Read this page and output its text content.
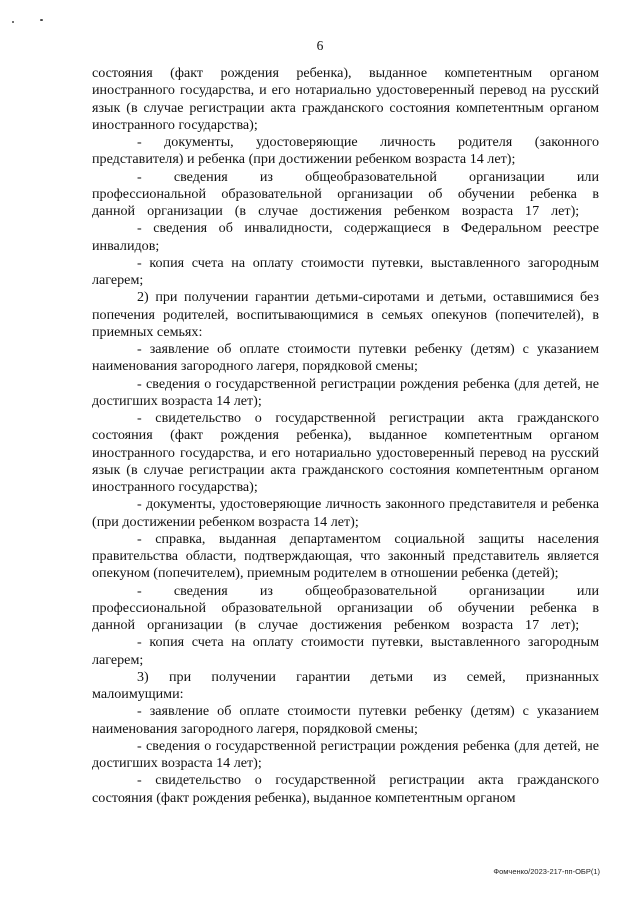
6

состояния (факт рождения ребенка), выданное компетентным органом иностранного государства, и его нотариально удостоверенный перевод на русский язык (в случае регистрации акта гражданского состояния компетентным органом иностранного государства);

- документы, удостоверяющие личность родителя (законного представителя) и ребенка (при достижении ребенком возраста 14 лет);

- сведения из общеобразовательной организации или профессиональной образовательной организации об обучении ребенка в данной организации (в случае достижения ребенком возраста 17 лет);

- сведения об инвалидности, содержащиеся в Федеральном реестре инвалидов;

- копия счета на оплату стоимости путевки, выставленного загородным лагерем;

2) при получении гарантии детьми-сиротами и детьми, оставшимися без попечения родителей, воспитывающимися в семьях опекунов (попечителей), в приемных семьях:

- заявление об оплате стоимости путевки ребенку (детям) с указанием наименования загородного лагеря, порядковой смены;

- сведения о государственной регистрации рождения ребенка (для детей, не достигших возраста 14 лет);

- свидетельство о государственной регистрации акта гражданского состояния (факт рождения ребенка), выданное компетентным органом иностранного государства, и его нотариально удостоверенный перевод на русский язык (в случае регистрации акта гражданского состояния компетентным органом иностранного государства);

- документы, удостоверяющие личность законного представителя и ребенка (при достижении ребенком возраста 14 лет);

- справка, выданная департаментом социальной защиты населения правительства области, подтверждающая, что законный представитель является опекуном (попечителем), приемным родителем в отношении ребенка (детей);

- сведения из общеобразовательной организации или профессиональной образовательной организации об обучении ребенка в данной организации (в случае достижения ребенком возраста 17 лет);

- копия счета на оплату стоимости путевки, выставленного загородным лагерем;

3) при получении гарантии детьми из семей, признанных малоимущими:

- заявление об оплате стоимости путевки ребенку (детям) с указанием наименования загородного лагеря, порядковой смены;

- сведения о государственной регистрации рождения ребенка (для детей, не достигших возраста 14 лет);

- свидетельство о государственной регистрации акта гражданского состояния (факт рождения ребенка), выданное компетентным органом

Фомченко/2023-217-пп-ОБР(1)
